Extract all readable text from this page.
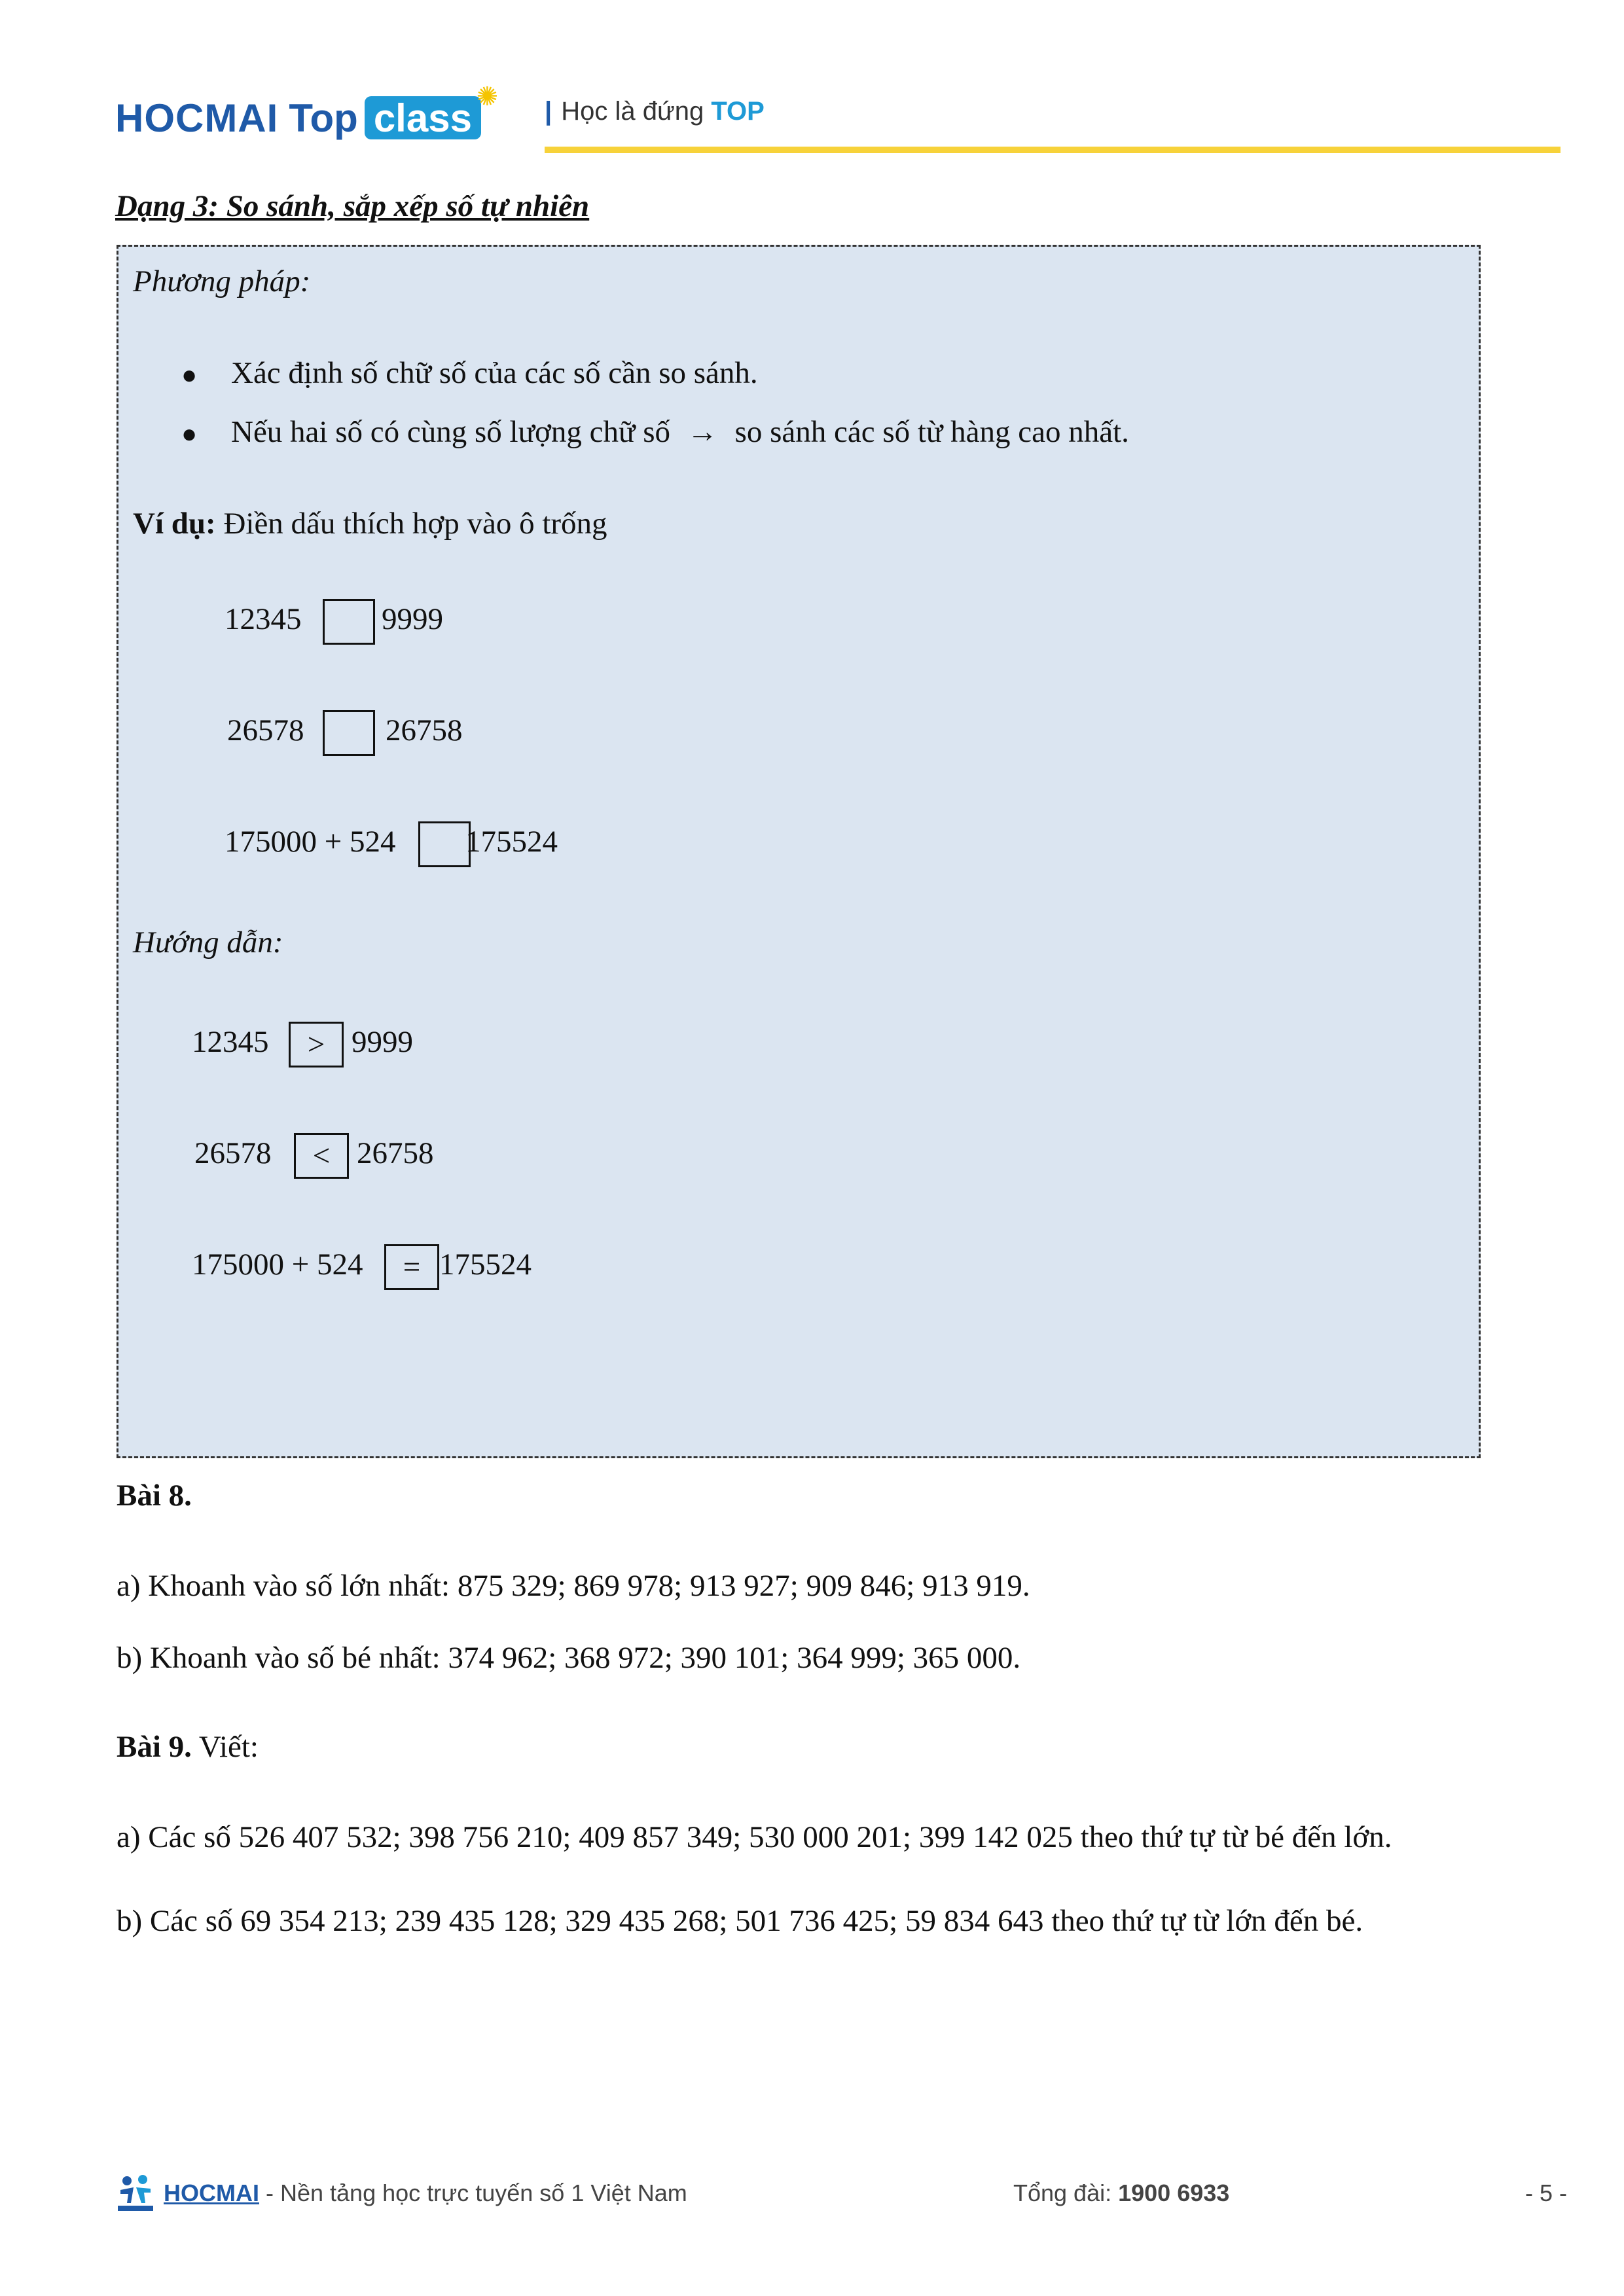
HOCMAI Top class ✺ | Học là đứng TOP
Dạng 3: So sánh, sắp xếp số tự nhiên
Phương pháp:
● Xác định số chữ số của các số cần so sánh.
● Nếu hai số có cùng số lượng chữ số → so sánh các số từ hàng cao nhất.
Ví dụ: Điền dấu thích hợp vào ô trống
12345	9999
26578	26758
175000 + 524 175524
Hướng dẫn:
12345 > 9999
26578 < 26758
175000 + 524 = 175524
Bài 8.
a) Khoanh vào số lớn nhất: 875 329; 869 978; 913 927; 909 846; 913 919.
b) Khoanh vào số bé nhất: 374 962; 368 972; 390 101; 364 999; 365 000.
Bài 9. Viết:
a) Các số 526 407 532; 398 756 210; 409 857 349; 530 000 201; 399 142 025 theo thứ tự từ bé đến lớn.
b) Các số 69 354 213; 239 435 128; 329 435 268; 501 736 425; 59 834 643 theo thứ tự từ lớn đến bé.
HOCMAI - Nền tảng học trực tuyến số 1 Việt Nam	Tổng đài: 1900 6933	- 5 -
